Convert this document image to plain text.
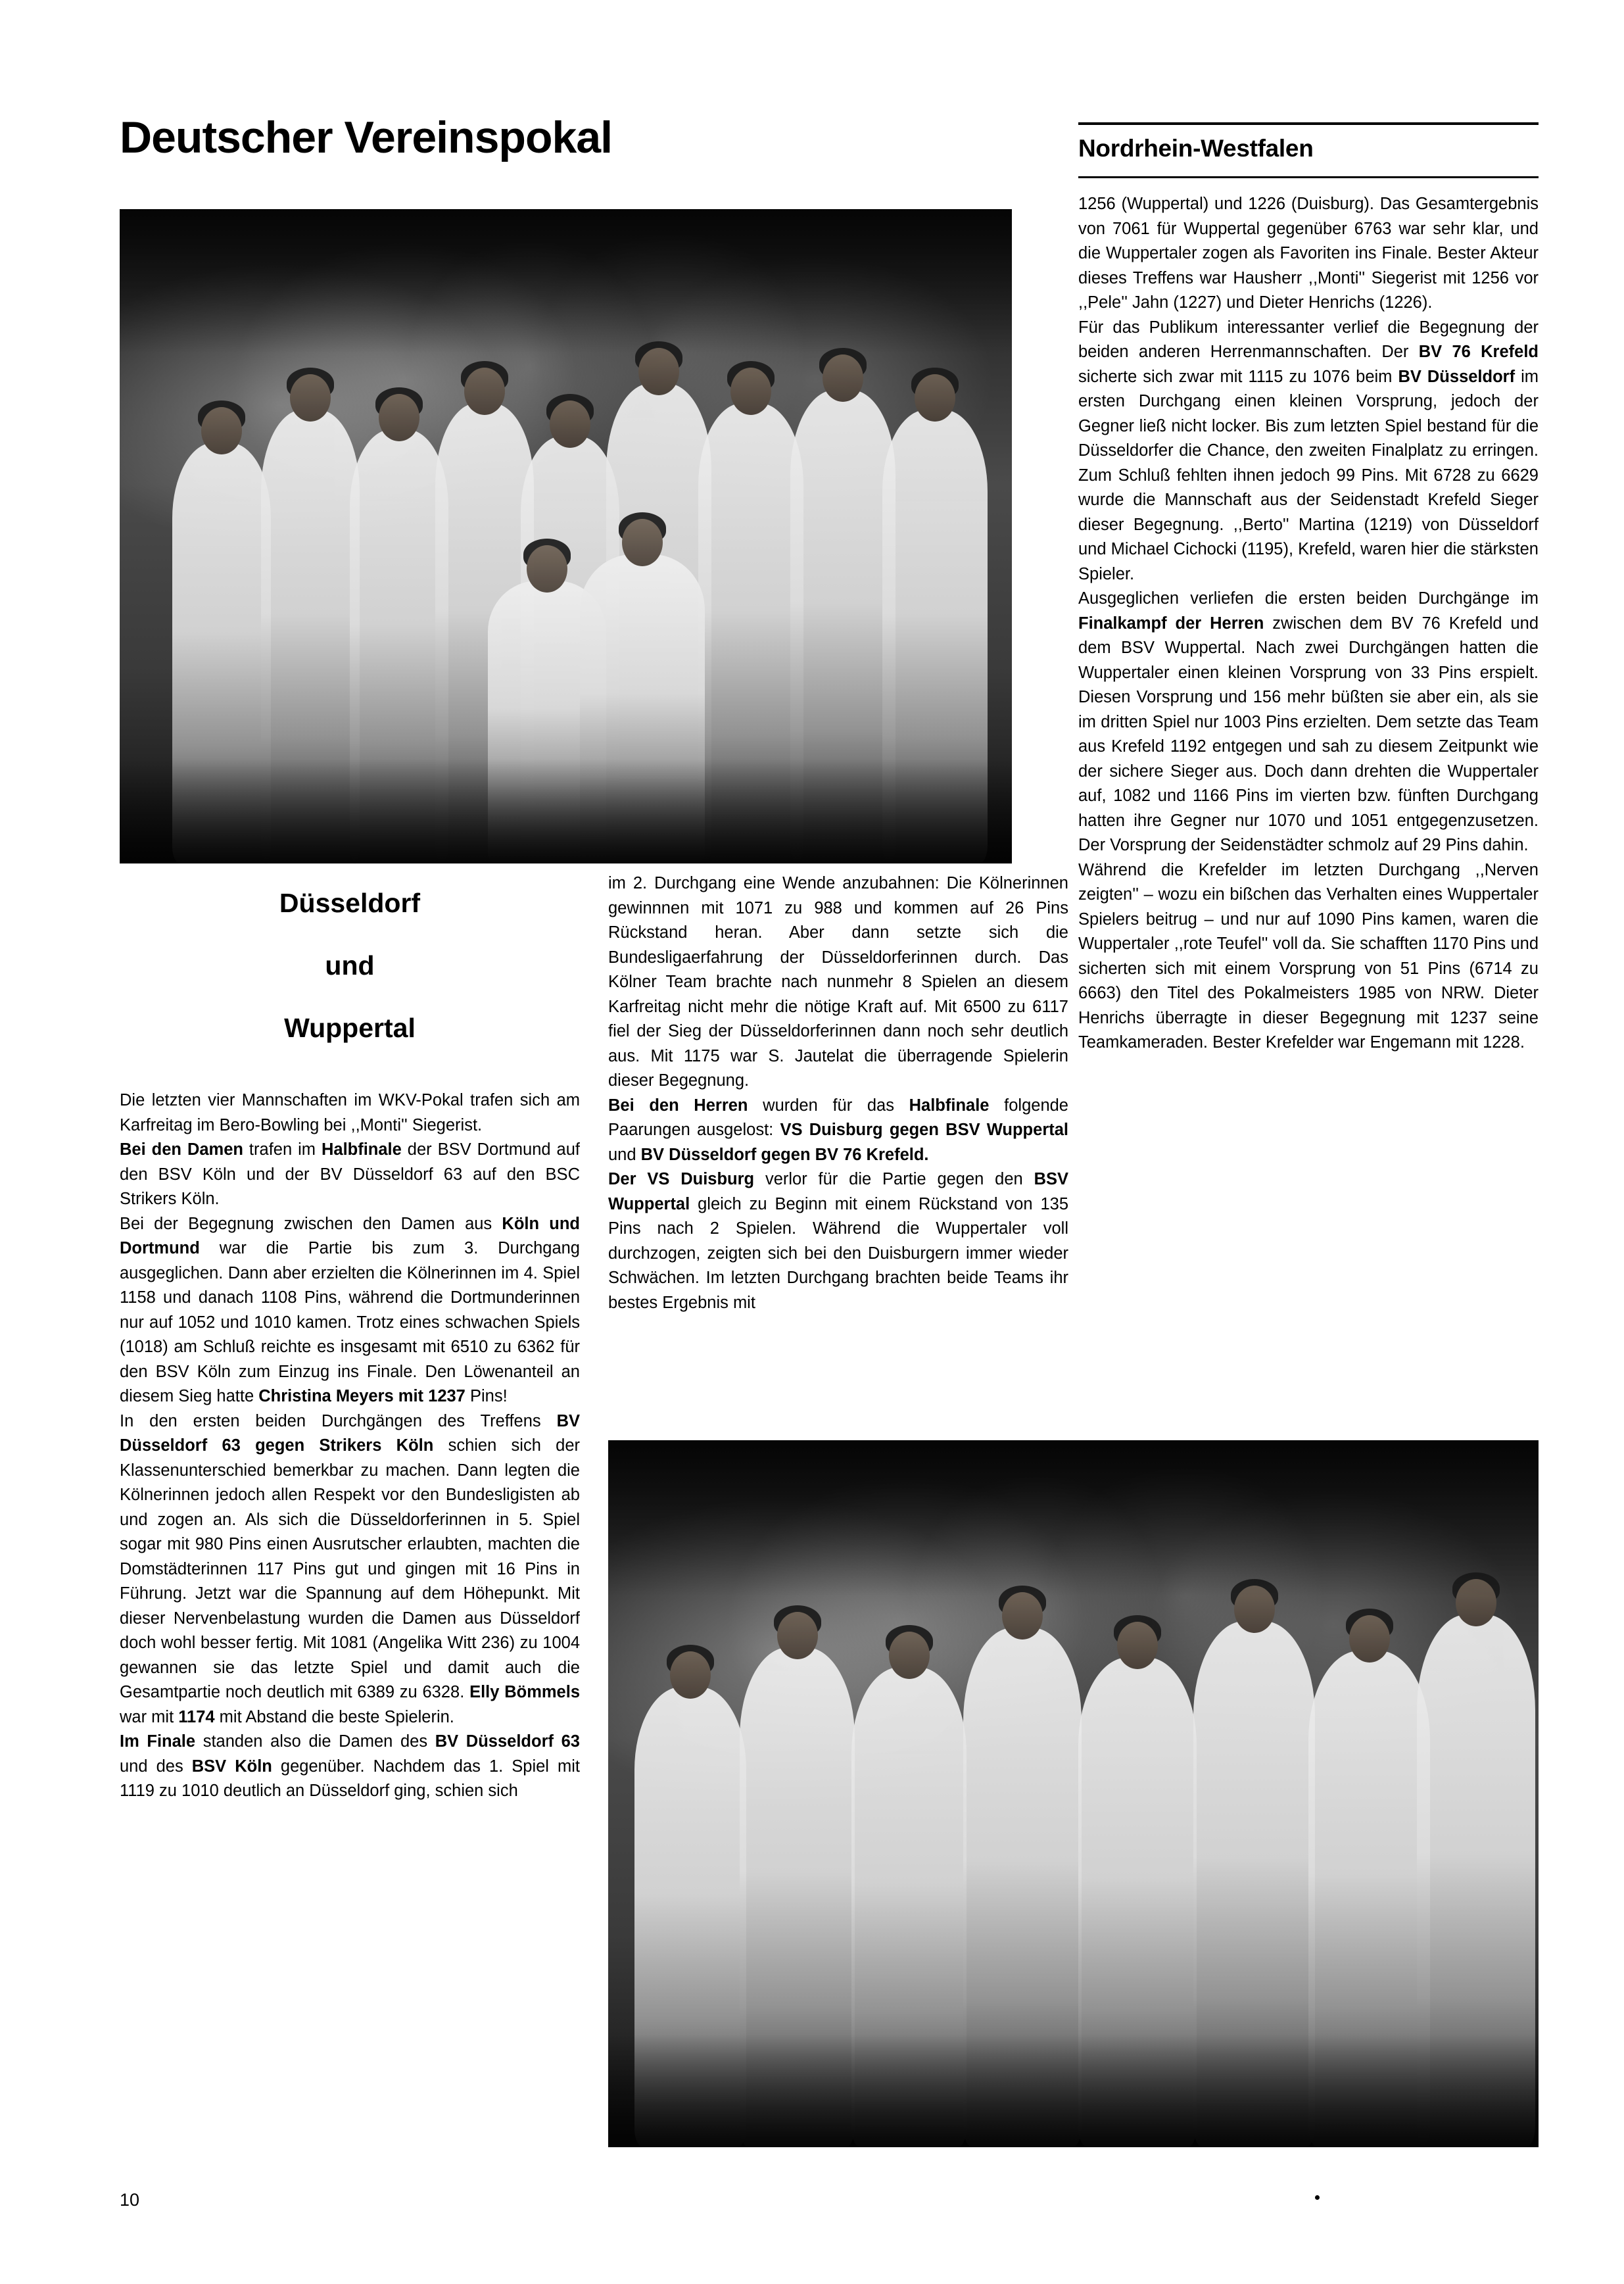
Deutscher Vereinspokal	Nordrhein-Westfalen
Düsseldorf
und
Wuppertal

Die letzten vier Mannschaften im WKV-Pokal trafen sich am Karfreitag im Bero-Bowling bei ,,Monti'' Siegerist.

Bei den Damen trafen im Halbfinale der BSV Dortmund auf den BSV Köln und der BV Düsseldorf 63 auf den BSC Strikers Köln.

Bei der Begegnung zwischen den Damen aus Köln und Dortmund war die Partie bis zum 3. Durchgang ausgeglichen. Dann aber erzielten die Kölnerinnen im 4. Spiel 1158 und danach 1108 Pins, während die Dortmunderinnen nur auf 1052 und 1010 kamen. Trotz eines schwachen Spiels (1018) am Schluß reichte es insgesamt mit 6510 zu 6362 für den BSV Köln zum Einzug ins Finale. Den Löwenanteil an diesem Sieg hatte Christina Meyers mit 1237 Pins!

In den ersten beiden Durchgängen des Treffens BV Düsseldorf 63 gegen Strikers Köln schien sich der Klassenunterschied bemerkbar zu machen. Dann legten die Kölnerinnen jedoch allen Respekt vor den Bundesligisten ab und zogen an. Als sich die Düsseldorferinnen in 5. Spiel sogar mit 980 Pins einen Ausrutscher erlaubten, machten die Domstädterinnen 117 Pins gut und gingen mit 16 Pins in Führung. Jetzt war die Spannung auf dem Höhepunkt. Mit dieser Nervenbelastung wurden die Damen aus Düsseldorf doch wohl besser fertig. Mit 1081 (Angelika Witt 236) zu 1004 gewannen sie das letzte Spiel und damit auch die Gesamtpartie noch deutlich mit 6389 zu 6328. Elly Bömmels war mit 1174 mit Abstand die beste Spielerin.

Im Finale standen also die Damen des BV Düsseldorf 63 und des BSV Köln gegenüber. Nachdem das 1. Spiel mit 1119 zu 1010 deutlich an Düsseldorf ging, schien sich

im 2. Durchgang eine Wende anzubahnen: Die Kölnerinnen gewinnnen mit 1071 zu 988 und kommen auf 26 Pins Rückstand heran. Aber dann setzte sich die Bundesligaerfahrung der Düsseldorferinnen durch. Das Kölner Team brachte nach nunmehr 8 Spielen an diesem Karfreitag nicht mehr die nötige Kraft auf. Mit 6500 zu 6117 fiel der Sieg der Düsseldorferinnen dann noch sehr deutlich aus. Mit 1175 war S. Jautelat die überragende Spielerin dieser Begegnung.

Bei den Herren wurden für das Halbfinale folgende Paarungen ausgelost: VS Duisburg gegen BSV Wuppertal und BV Düsseldorf gegen BV 76 Krefeld.

Der VS Duisburg verlor für die Partie gegen den BSV Wuppertal gleich zu Beginn mit einem Rückstand von 135 Pins nach 2 Spielen. Während die Wuppertaler voll durchzogen, zeigten sich bei den Duisburgern immer wieder Schwächen. Im letzten Durchgang brachten beide Teams ihr bestes Ergebnis mit

1256 (Wuppertal) und 1226 (Duisburg). Das Gesamtergebnis von 7061 für Wuppertal gegenüber 6763 war sehr klar, und die Wuppertaler zogen als Favoriten ins Finale. Bester Akteur dieses Treffens war Hausherr ,,Monti'' Siegerist mit 1256 vor ,,Pele'' Jahn (1227) und Dieter Henrichs (1226).

Für das Publikum interessanter verlief die Begegnung der beiden anderen Herrenmannschaften. Der BV 76 Krefeld sicherte sich zwar mit 1115 zu 1076 beim BV Düsseldorf im ersten Durchgang einen kleinen Vorsprung, jedoch der Gegner ließ nicht locker. Bis zum letzten Spiel bestand für die Düsseldorfer die Chance, den zweiten Finalplatz zu erringen. Zum Schluß fehlten ihnen jedoch 99 Pins. Mit 6728 zu 6629 wurde die Mannschaft aus der Seidenstadt Krefeld Sieger dieser Begegnung. ,,Berto'' Martina (1219) von Düsseldorf und Michael Cichocki (1195), Krefeld, waren hier die stärksten Spieler.

Ausgeglichen verliefen die ersten beiden Durchgänge im Finalkampf der Herren zwischen dem BV 76 Krefeld und dem BSV Wuppertal. Nach zwei Durchgängen hatten die Wuppertaler einen kleinen Vorsprung von 33 Pins erspielt. Diesen Vorsprung und 156 mehr büßten sie aber ein, als sie im dritten Spiel nur 1003 Pins erzielten. Dem setzte das Team aus Krefeld 1192 entgegen und sah zu diesem Zeitpunkt wie der sichere Sieger aus. Doch dann drehten die Wuppertaler auf, 1082 und 1166 Pins im vierten bzw. fünften Durchgang hatten ihre Gegner nur 1070 und 1051 entgegenzusetzen. Der Vorsprung der Seidenstädter schmolz auf 29 Pins dahin.

Während die Krefelder im letzten Durchgang ,,Nerven zeigten'' – wozu ein bißchen das Verhalten eines Wuppertaler Spielers beitrug – und nur auf 1090 Pins kamen, waren die Wuppertaler ,,rote Teufel'' voll da. Sie schafften 1170 Pins und sicherten sich mit einem Vorsprung von 51 Pins (6714 zu 6663) den Titel des Pokalmeisters 1985 von NRW. Dieter Henrichs überragte in dieser Begegnung mit 1237 seine Teamkameraden. Bester Krefelder war Engemann mit 1228.

10
